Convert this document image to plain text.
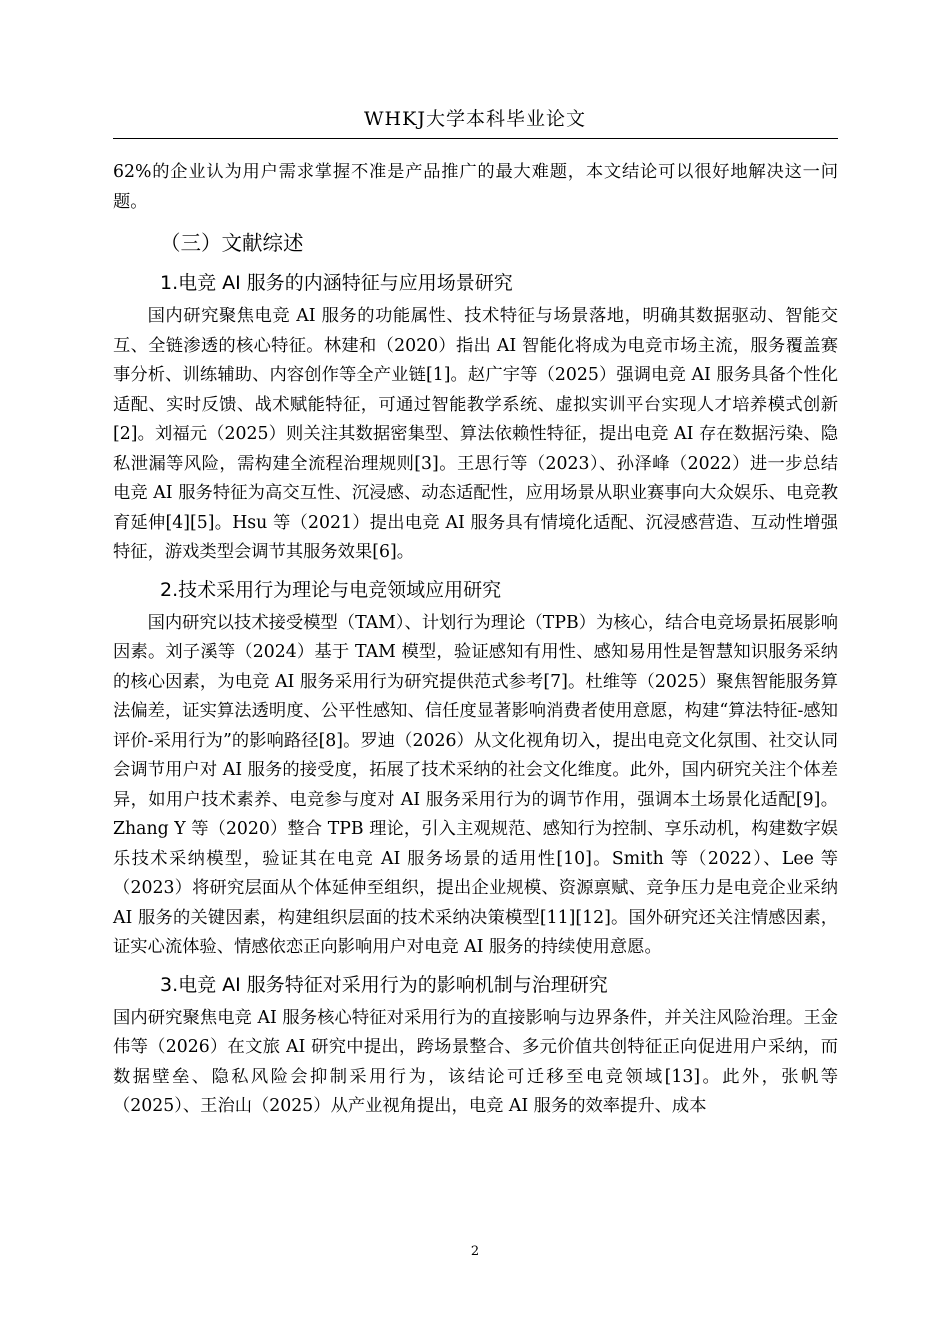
WHKJ大学本科毕业论文

62%的企业认为用户需求掌握不准是产品推广的最大难题，本文结论可以很好地解决这一问题。

（三）文献综述
1.电竞 AI 服务的内涵特征与应用场景研究

国内研究聚焦电竞 AI 服务的功能属性、技术特征与场景落地，明确其数据驱动、智能交互、全链渗透的核心特征。林建和（2020）指出 AI 智能化将成为电竞市场主流，服务覆盖赛事分析、训练辅助、内容创作等全产业链[1]。赵广宇等（2025）强调电竞 AI 服务具备个性化适配、实时反馈、战术赋能特征，可通过智能教学系统、虚拟实训平台实现人才培养模式创新[2]。刘福元（2025）则关注其数据密集型、算法依赖性特征，提出电竞 AI 存在数据污染、隐私泄漏等风险，需构建全流程治理规则[3]。王思行等（2023）、孙泽峰（2022）进一步总结电竞 AI 服务特征为高交互性、沉浸感、动态适配性，应用场景从职业赛事向大众娱乐、电竞教育延伸[4][5]。Hsu 等（2021）提出电竞 AI 服务具有情境化适配、沉浸感营造、互动性增强特征，游戏类型会调节其服务效果[6]。

2.技术采用行为理论与电竞领域应用研究

国内研究以技术接受模型（TAM）、计划行为理论（TPB）为核心，结合电竞场景拓展影响因素。刘子溪等（2024）基于 TAM 模型，验证感知有用性、感知易用性是智慧知识服务采纳的核心因素，为电竞 AI 服务采用行为研究提供范式参考[7]。杜维等（2025）聚焦智能服务算法偏差，证实算法透明度、公平性感知、信任度显著影响消费者使用意愿，构建“算法特征-感知评价-采用行为”的影响路径[8]。罗迪（2026）从文化视角切入，提出电竞文化氛围、社交认同会调节用户对 AI 服务的接受度，拓展了技术采纳的社会文化维度。此外，国内研究关注个体差异，如用户技术素养、电竞参与度对 AI 服务采用行为的调节作用，强调本土场景化适配[9]。Zhang Y 等（2020）整合 TPB 理论，引入主观规范、感知行为控制、享乐动机，构建数字娱乐技术采纳模型，验证其在电竞 AI 服务场景的适用性[10]。Smith 等（2022）、Lee 等（2023）将研究层面从个体延伸至组织，提出企业规模、资源禀赋、竞争压力是电竞企业采纳 AI 服务的关键因素，构建组织层面的技术采纳决策模型[11][12]。国外研究还关注情感因素，证实心流体验、情感依恋正向影响用户对电竞 AI 服务的持续使用意愿。

3.电竞 AI 服务特征对采用行为的影响机制与治理研究

国内研究聚焦电竞 AI 服务核心特征对采用行为的直接影响与边界条件，并关注风险治理。王金伟等（2026）在文旅 AI 研究中提出，跨场景整合、多元价值共创特征正向促进用户采纳，而数据壁垒、隐私风险会抑制采用行为，该结论可迁移至电竞领域[13]。此外，张帆等（2025）、王治山（2025）从产业视角提出，电竞 AI 服务的效率提升、成本

2
